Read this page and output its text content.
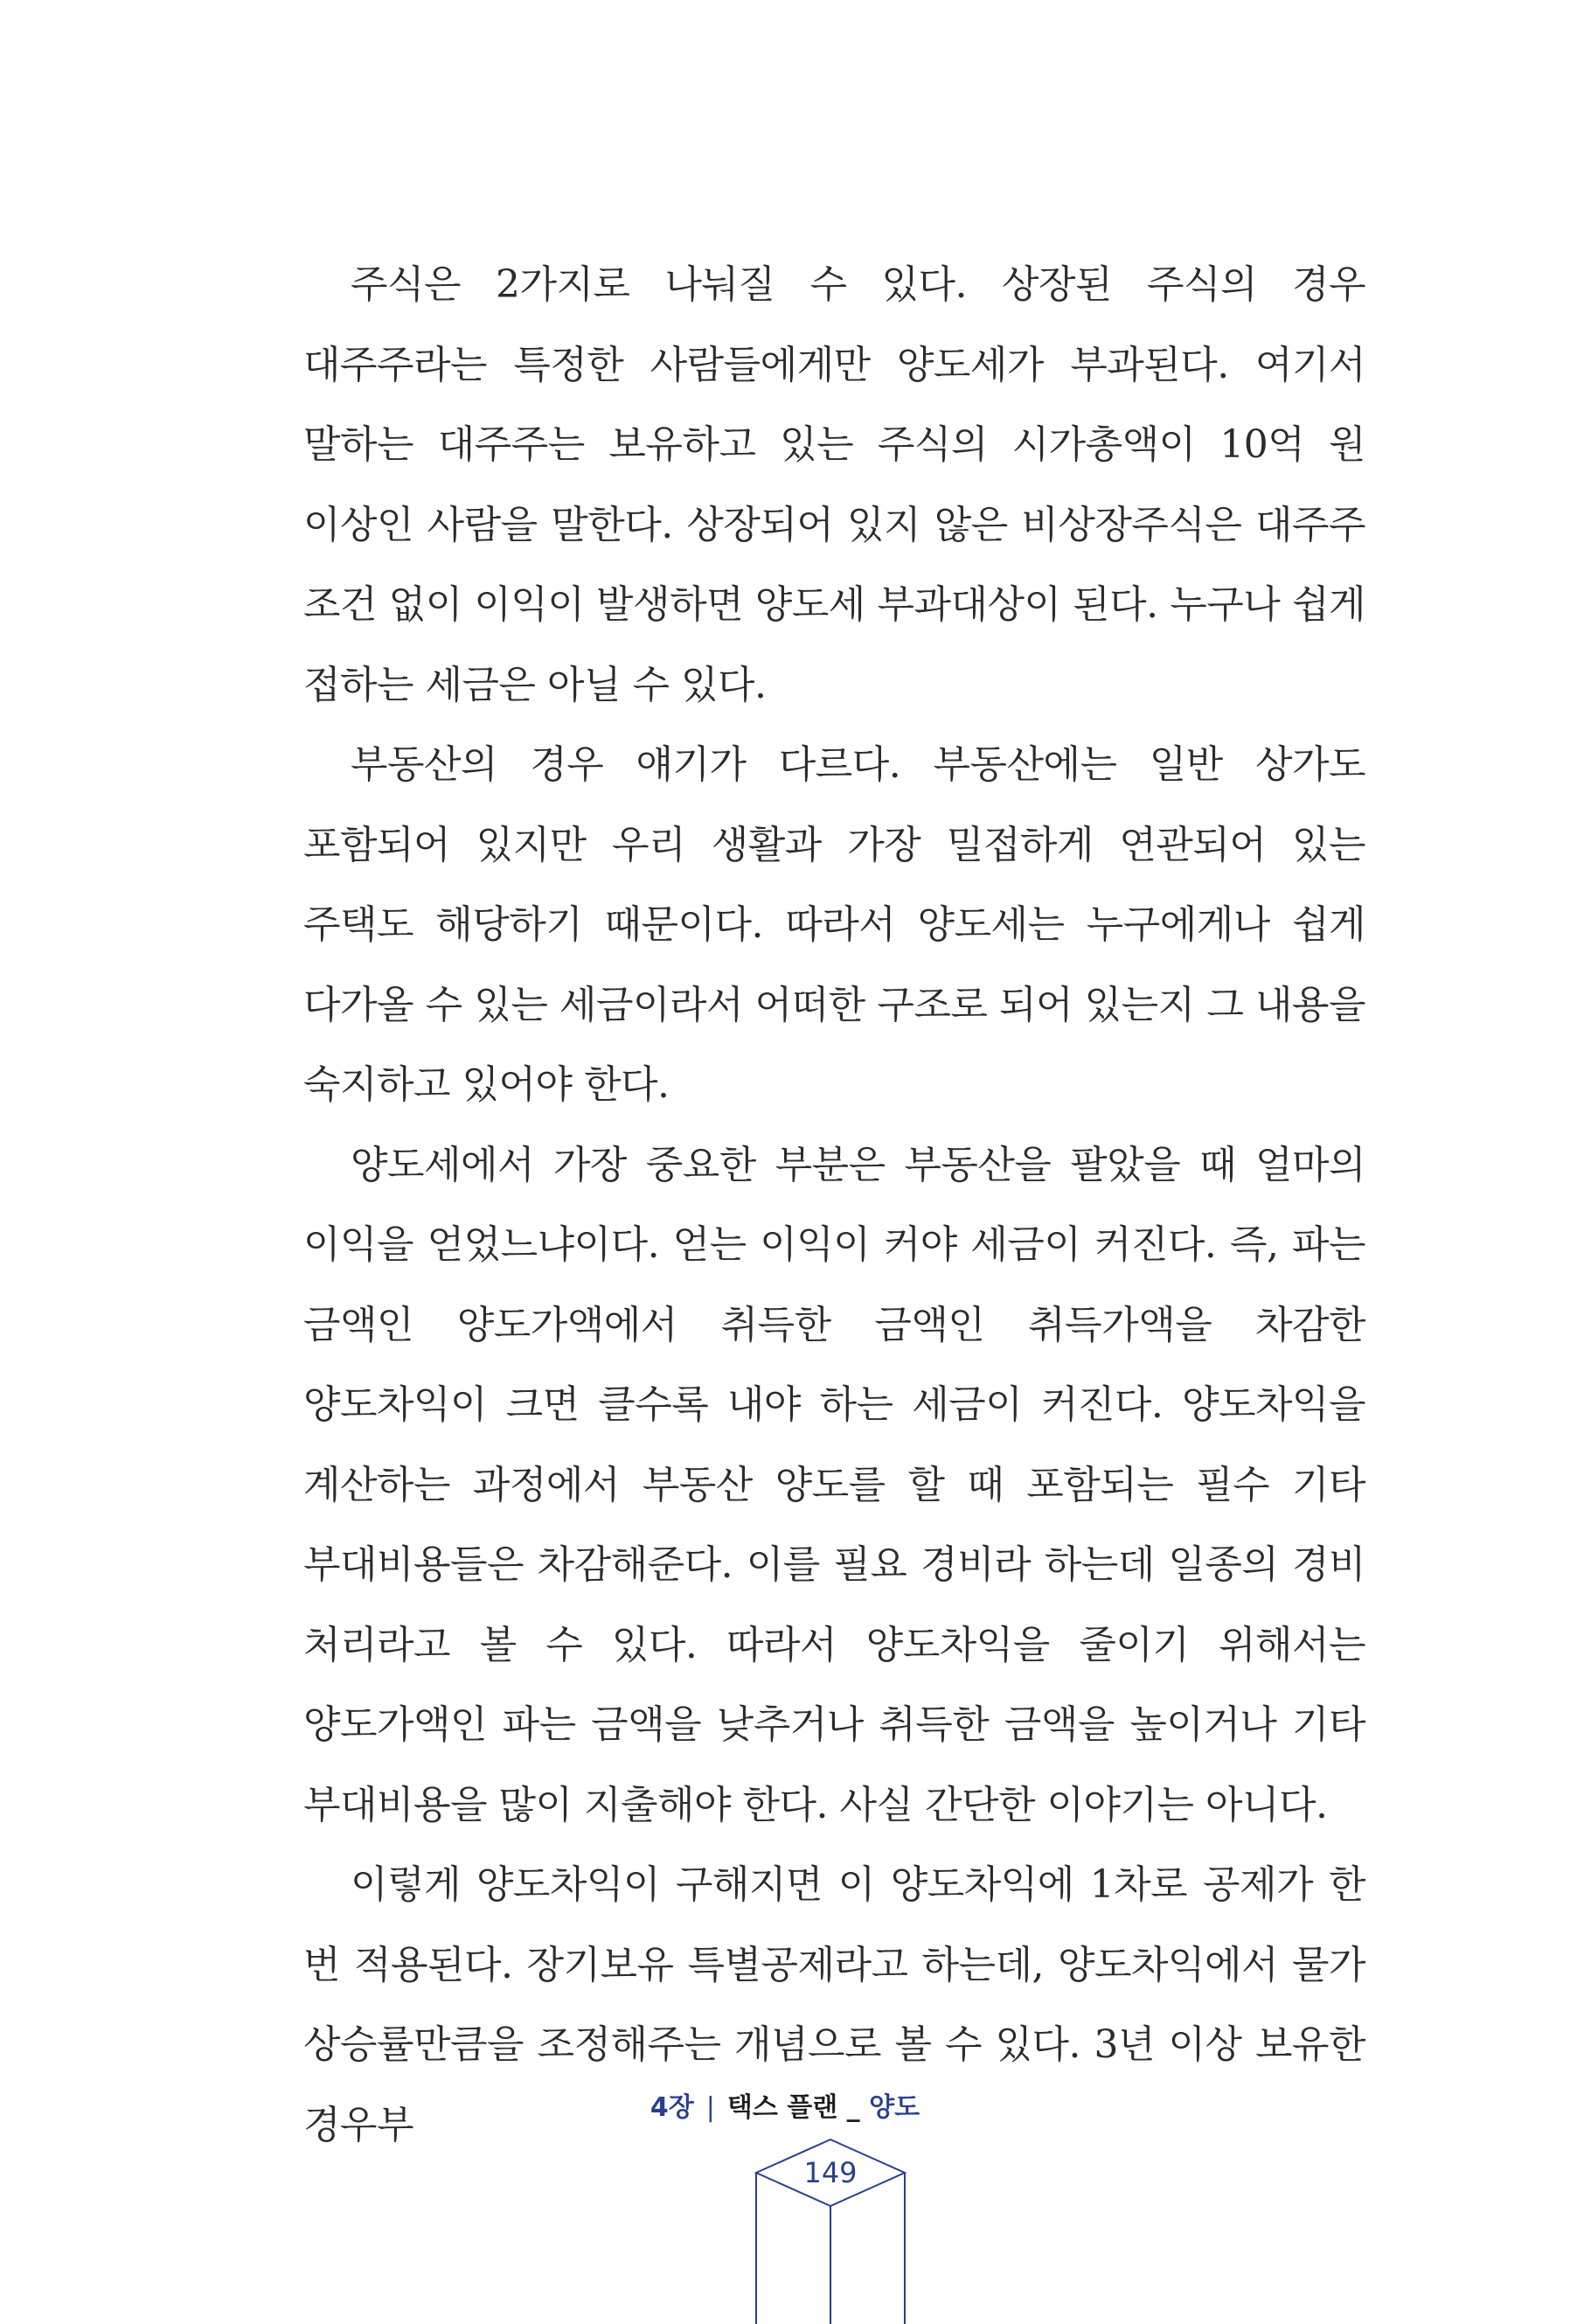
주식은 2가지로 나눠질 수 있다. 상장된 주식의 경우 대주주라는 특정한 사람들에게만 양도세가 부과된다. 여기서 말하는 대주주는 보유하고 있는 주식의 시가총액이 10억 원 이상인 사람을 말한다. 상장되어 있지 않은 비상장주식은 대주주 조건 없이 이익이 발생하면 양도세 부과대상이 된다. 누구나 쉽게 접하는 세금은 아닐 수 있다.

부동산의 경우 얘기가 다르다. 부동산에는 일반 상가도 포함되어 있지만 우리 생활과 가장 밀접하게 연관되어 있는 주택도 해당하기 때문이다. 따라서 양도세는 누구에게나 쉽게 다가올 수 있는 세금이라서 어떠한 구조로 되어 있는지 그 내용을 숙지하고 있어야 한다.

양도세에서 가장 중요한 부분은 부동산을 팔았을 때 얼마의 이익을 얻었느냐이다. 얻는 이익이 커야 세금이 커진다. 즉, 파는 금액인 양도가액에서 취득한 금액인 취득가액을 차감한 양도차익이 크면 클수록 내야 하는 세금이 커진다. 양도차익을 계산하는 과정에서 부동산 양도를 할 때 포함되는 필수 기타 부대비용들은 차감해준다. 이를 필요 경비라 하는데 일종의 경비 처리라고 볼 수 있다. 따라서 양도차익을 줄이기 위해서는 양도가액인 파는 금액을 낮추거나 취득한 금액을 높이거나 기타 부대비용을 많이 지출해야 한다. 사실 간단한 이야기는 아니다.

이렇게 양도차익이 구해지면 이 양도차익에 1차로 공제가 한 번 적용된다. 장기보유 특별공제라고 하는데, 양도차익에서 물가 상승률만큼을 조정해주는 개념으로 볼 수 있다. 3년 이상 보유한 경우부	4장 | 택스 플랜 _ 양도
149
